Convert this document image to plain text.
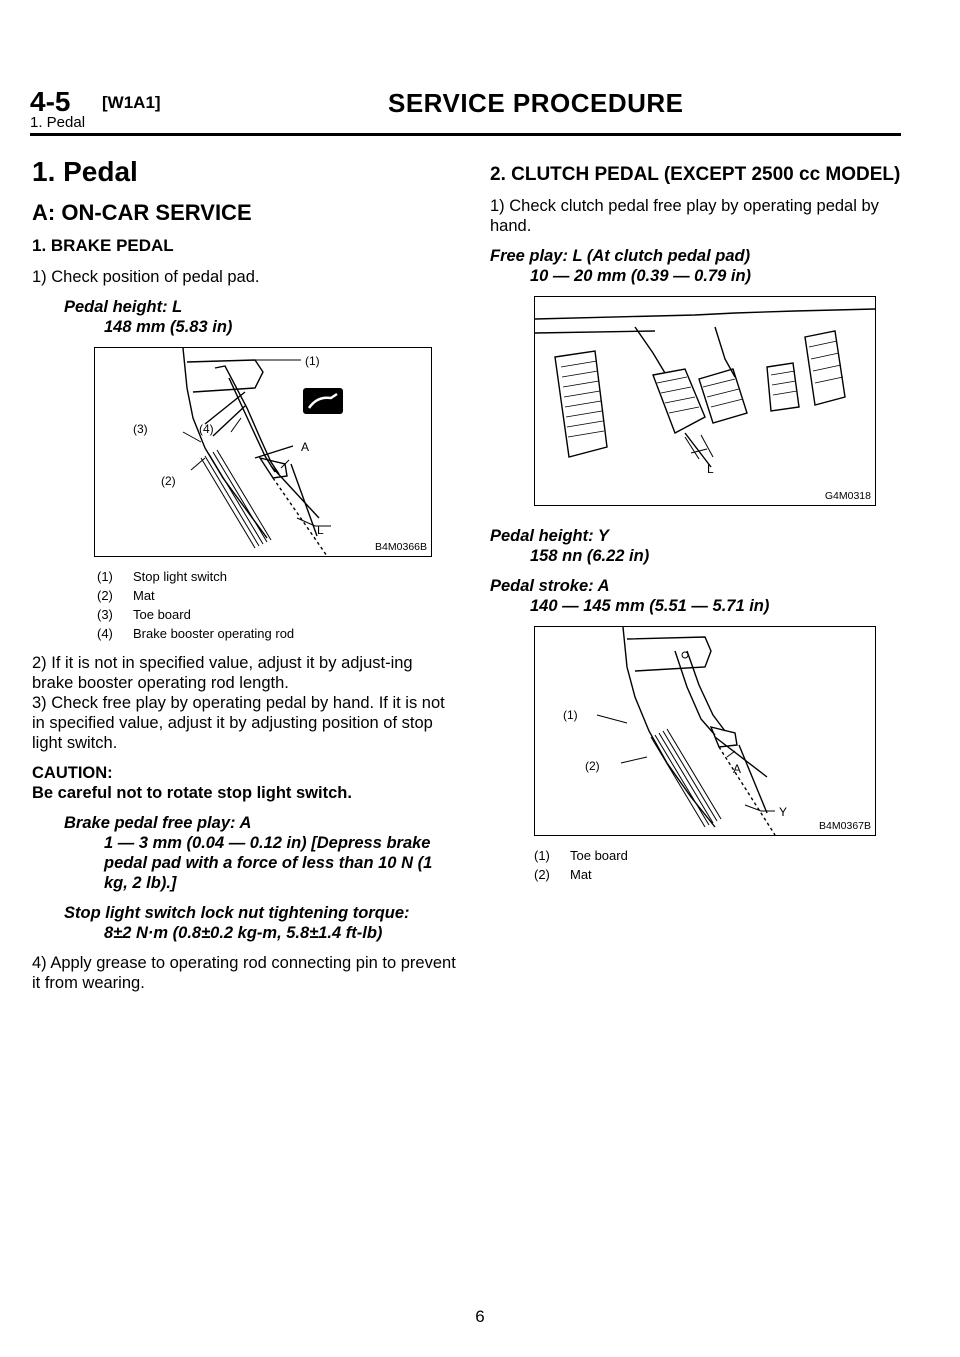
4-5 [W1A1]	SERVICE PROCEDURE
1. Pedal
1. Pedal
A: ON-CAR SERVICE
1. BRAKE PEDAL
1) Check position of pedal pad.
Pedal height: L
148 mm (5.83 in)
(1)
(3)	(4)
(2)
A
L
B4M0366B
(1) Stop light switch
(2) Mat
(3) Toe board
(4) Brake booster operating rod
2) If it is not in specified value, adjust it by adjust-ing brake booster operating rod length.
3) Check free play by operating pedal by hand. If it is not in specified value, adjust it by adjusting position of stop light switch.
CAUTION:
Be careful not to rotate stop light switch.
Brake pedal free play: A
1 — 3 mm (0.04 — 0.12 in) [Depress brake pedal pad with a force of less than 10 N (1 kg, 2 lb).]
Stop light switch lock nut tightening torque:
8±2 N·m (0.8±0.2 kg-m, 5.8±1.4 ft-lb)
4) Apply grease to operating rod connecting pin to prevent it from wearing.
2. CLUTCH PEDAL (EXCEPT 2500 cc MODEL)
1) Check clutch pedal free play by operating pedal by hand.
Free play: L (At clutch pedal pad)
10 — 20 mm (0.39 — 0.79 in)
L
G4M0318
Pedal height: Y
158 nn (6.22 in)
Pedal stroke: A
140 — 145 mm (5.51 — 5.71 in)
(1)
(2)	A
Y
B4M0367B
(1) Toe board
(2) Mat
6
